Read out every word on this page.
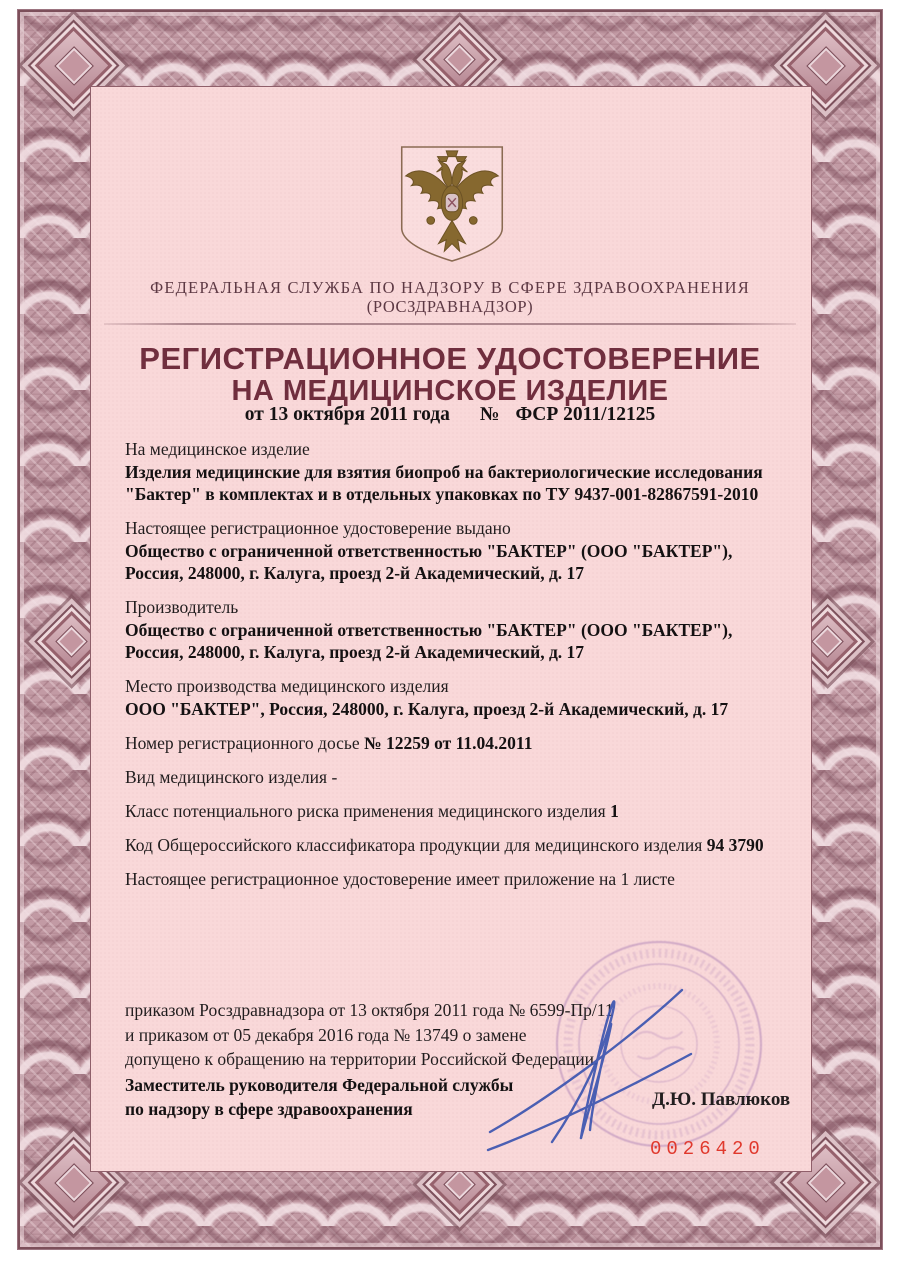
ФЕДЕРАЛЬНАЯ СЛУЖБА ПО НАДЗОРУ В СФЕРЕ ЗДРАВООХРАНЕНИЯ
(РОСЗДРАВНАДЗОР)
РЕГИСТРАЦИОННОЕ УДОСТОВЕРЕНИЕ
НА МЕДИЦИНСКОЕ ИЗДЕЛИЕ
от 13 октября 2011 года № ФСР 2011/12125

На медицинское изделие

Изделия медицинские для взятия биопроб на бактериологические исследования

"Бактер" в комплектах и в отдельных упаковках по ТУ 9437-001-82867591-2010

Настоящее регистрационное удостоверение выдано

Общество с ограниченной ответственностью "БАКТЕР" (ООО "БАКТЕР"),

Россия, 248000, г. Калуга, проезд 2-й Академический, д. 17

Производитель

Общество с ограниченной ответственностью "БАКТЕР" (ООО "БАКТЕР"),

Россия, 248000, г. Калуга, проезд 2-й Академический, д. 17

Место производства медицинского изделия

ООО "БАКТЕР", Россия, 248000, г. Калуга, проезд 2-й Академический, д. 17

Номер регистрационного досье № 12259 от 11.04.2011

Вид медицинского изделия -

Класс потенциального риска применения медицинского изделия 1

Код Общероссийского классификатора продукции для медицинского изделия 94 3790

Настоящее регистрационное удостоверение имеет приложение на 1 листе

приказом Росздравнадзора от 13 октября 2011 года № 6599-Пр/11

и приказом от 05 декабря 2016 года № 13749 о замене

допущено к обращению на территории Российской Федерации.

Заместитель руководителя Федеральной службы

по надзору в сфере здравоохранения	Д.Ю. Павлюков
0026420
